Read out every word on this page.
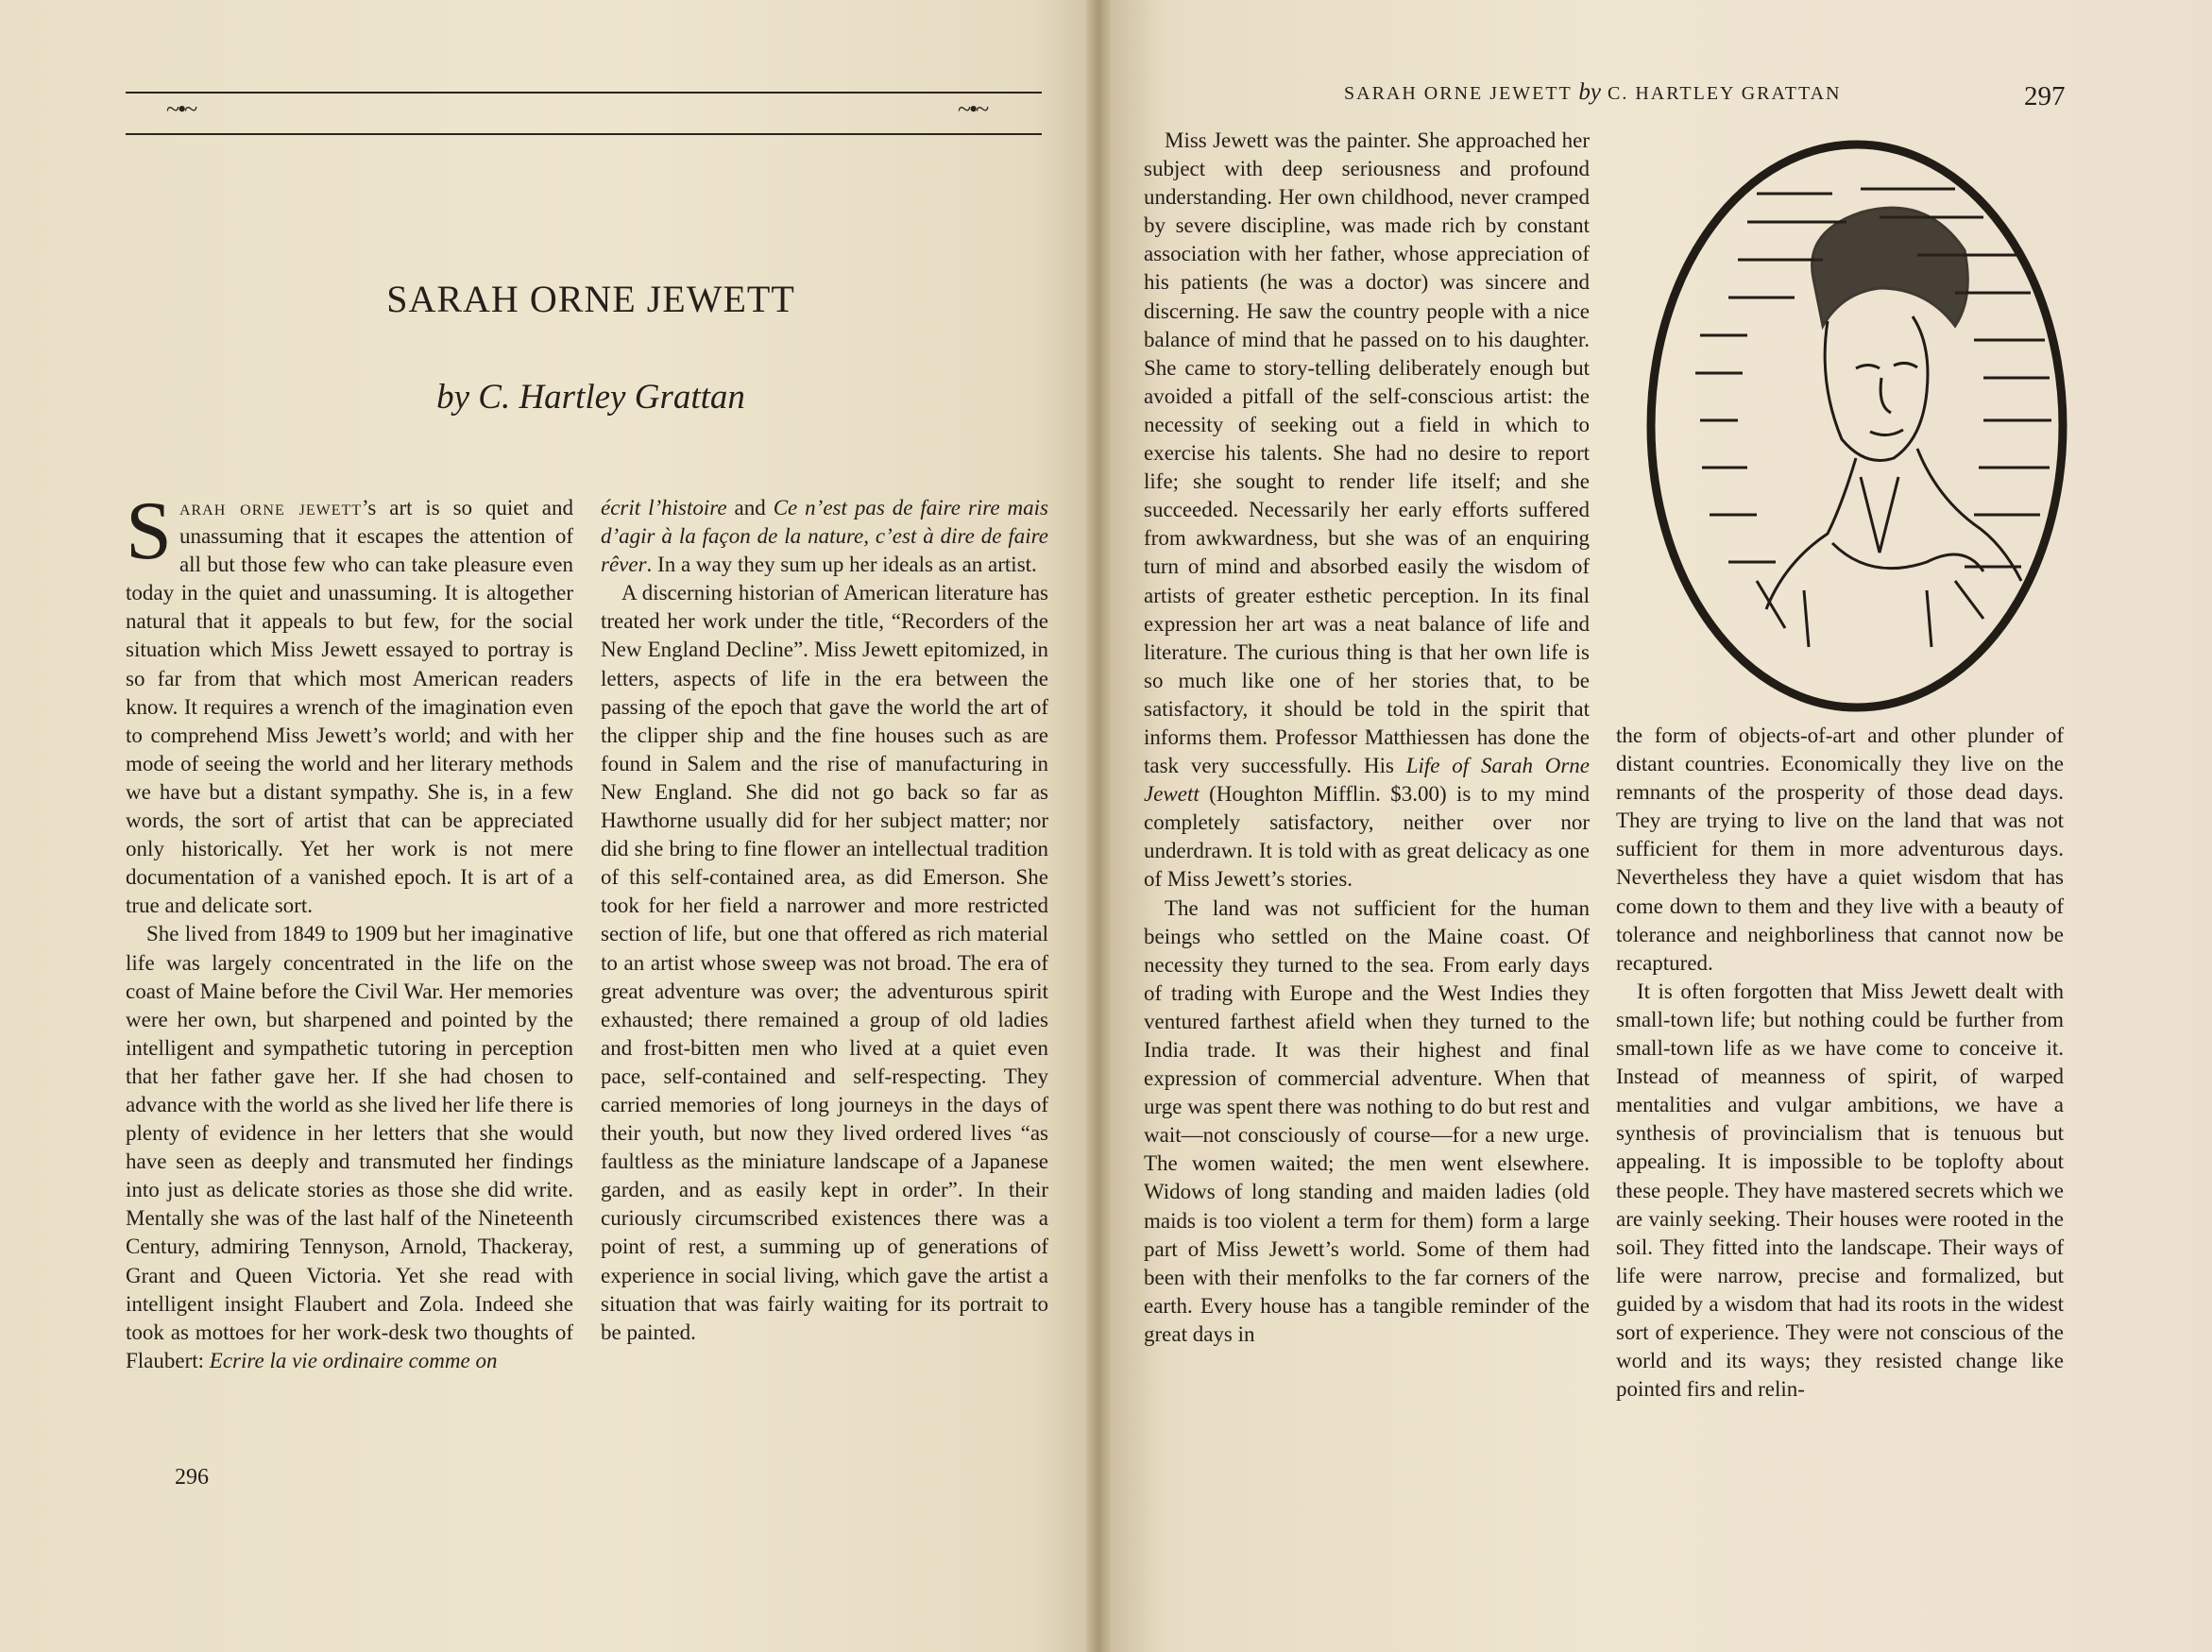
~•~	~•~
SARAH ORNE JEWETT
by C. Hartley Grattan

Sarah orne jewett’s art is so quiet and unassuming that it escapes the attention of all but those few who can take pleasure even today in the quiet and unassuming. It is altogether natural that it appeals to but few, for the social situation which Miss Jewett essayed to portray is so far from that which most American readers know. It requires a wrench of the imagination even to comprehend Miss Jewett’s world; and with her mode of seeing the world and her literary methods we have but a distant sympathy. She is, in a few words, the sort of artist that can be appreciated only historically. Yet her work is not mere documentation of a vanished epoch. It is art of a true and delicate sort.

She lived from 1849 to 1909 but her imaginative life was largely concentrated in the life on the coast of Maine before the Civil War. Her memories were her own, but sharpened and pointed by the intelligent and sympathetic tutoring in perception that her father gave her. If she had chosen to advance with the world as she lived her life there is plenty of evidence in her letters that she would have seen as deeply and transmuted her findings into just as delicate stories as those she did write. Mentally she was of the last half of the Nineteenth Century, admiring Tennyson, Arnold, Thackeray, Grant and Queen Victoria. Yet she read with intelligent insight Flaubert and Zola. Indeed she took as mottoes for her work-desk two thoughts of Flaubert: Ecrire la vie ordinaire comme on

écrit l’histoire and Ce n’est pas de faire rire mais d’agir à la façon de la nature, c’est à dire de faire rêver. In a way they sum up her ideals as an artist.

A discerning historian of American literature has treated her work under the title, “Recorders of the New England Decline”. Miss Jewett epitomized, in letters, aspects of life in the era between the passing of the epoch that gave the world the art of the clipper ship and the fine houses such as are found in Salem and the rise of manufacturing in New England. She did not go back so far as Hawthorne usually did for her subject matter; nor did she bring to fine flower an intellectual tradition of this self-contained area, as did Emerson. She took for her field a narrower and more restricted section of life, but one that offered as rich material to an artist whose sweep was not broad. The era of great adventure was over; the adventurous spirit exhausted; there remained a group of old ladies and frost-bitten men who lived at a quiet even pace, self-contained and self-respecting. They carried memories of long journeys in the days of their youth, but now they lived ordered lives “as faultless as the miniature landscape of a Japanese garden, and as easily kept in order”. In their curiously circumscribed existences there was a point of rest, a summing up of generations of experience in social living, which gave the artist a situation that was fairly waiting for its portrait to be painted.

296
SARAH ORNE JEWETT by C. HARTLEY GRATTAN	297

Miss Jewett was the painter. She approached her subject with deep seriousness and profound understanding. Her own childhood, never cramped by severe discipline, was made rich by constant association with her father, whose appreciation of his patients (he was a doctor) was sincere and discerning. He saw the country people with a nice balance of mind that he passed on to his daughter. She came to story-telling deliberately enough but avoided a pitfall of the self-conscious artist: the necessity of seeking out a field in which to exercise his talents. She had no desire to report life; she sought to render life itself; and she succeeded. Necessarily her early efforts suffered from awkwardness, but she was of an enquiring turn of mind and absorbed easily the wisdom of artists of greater esthetic perception. In its final expression her art was a neat balance of life and literature. The curious thing is that her own life is so much like one of her stories that, to be satisfactory, it should be told in the spirit that informs them. Professor Matthiessen has done the task very successfully. His Life of Sarah Orne Jewett (Houghton Mifflin. $3.00) is to my mind completely satisfactory, neither over nor underdrawn. It is told with as great delicacy as one of Miss Jewett’s stories.

The land was not sufficient for the human beings who settled on the Maine coast. Of necessity they turned to the sea. From early days of trading with Europe and the West Indies they ventured farthest afield when they turned to the India trade. It was their highest and final expression of commercial adventure. When that urge was spent there was nothing to do but rest and wait—not consciously of course—for a new urge. The women waited; the men went elsewhere. Widows of long standing and maiden ladies (old maids is too violent a term for them) form a large part of Miss Jewett’s world. Some of them had been with their menfolks to the far corners of the earth. Every house has a tangible reminder of the great days in

the form of objects-of-art and other plunder of distant countries. Economically they live on the remnants of the prosperity of those dead days. They are trying to live on the land that was not sufficient for them in more adventurous days. Nevertheless they have a quiet wisdom that has come down to them and they live with a beauty of tolerance and neighborliness that cannot now be recaptured.

It is often forgotten that Miss Jewett dealt with small-town life; but nothing could be further from small-town life as we have come to conceive it. Instead of meanness of spirit, of warped mentalities and vulgar ambitions, we have a synthesis of provincialism that is tenuous but appealing. It is impossible to be toplofty about these people. They have mastered secrets which we are vainly seeking. Their houses were rooted in the soil. They fitted into the landscape. Their ways of life were narrow, precise and formalized, but guided by a wisdom that had its roots in the widest sort of experience. They were not conscious of the world and its ways; they resisted change like pointed firs and relin-
